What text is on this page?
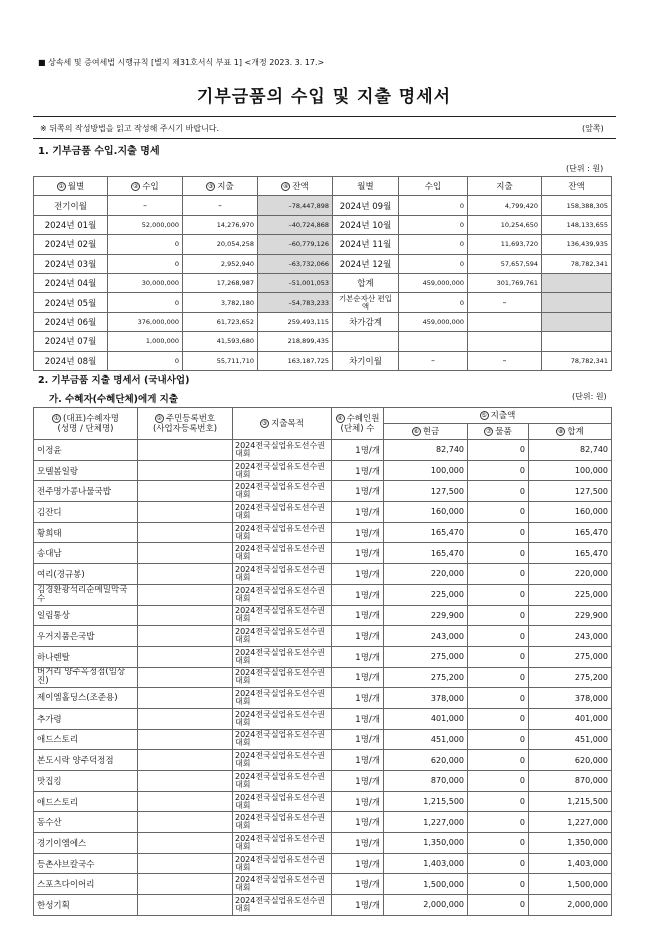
■ 상속세 및 증여세법 시행규칙 [별지 제31호서식 부표 1] <개정 2023. 3. 17.>
기부금품의 수입 및 지출 명세서
※ 뒤쪽의 작성방법을 읽고 작성해 주시기 바랍니다.	(앞쪽)
1. 기부금품 수입.지출 명세
(단위 : 원)
① 월별	② 수입	③ 지출	④ 잔액	월별	수입	지출	잔액
전기이월	–	–	–78,447,898	2024년 09월	0	4,799,420	158,388,305
2024년 01월	52,000,000	14,276,970	–40,724,868	2024년 10월	0	10,254,650	148,133,655
2024년 02월	0	20,054,258	–60,779,126	2024년 11월	0	11,693,720	136,439,935
2024년 03월	0	2,952,940	–63,732,066	2024년 12월	0	57,657,594	78,782,341
2024년 04월	30,000,000	17,268,987	–51,001,053	합계	459,000,000	301,769,761	
2024년 05월	0	3,782,180	–54,783,233	기본순자산 편입액	0	–	
2024년 06월	376,000,000	61,723,652	259,493,115	차가감계	459,000,000		
2024년 07월	1,000,000	41,593,680	218,899,435				
2024년 08월	0	55,711,710	163,187,725	차기이월	–	–	78,782,341
2. 기부금품 지출 명세서 (국내사업)
가. 수혜자(수혜단체)에게 지출	(단위: 원)
① (대표)수혜자명
(성명 / 단체명)	② 주민등록번호
(사업자등록번호)	③ 지출목적	④ 수혜인원
(단체) 수	⑤ 지출액		
				⑥ 현금	⑦ 물품	⑧ 합계
이정윤		2024전국실업유도선수권대회	1명/개	82,740	0	82,740
모텔봄일랑		2024전국실업유도선수권대회	1명/개	100,000	0	100,000
전주명가콩나물국밥		2024전국실업유도선수권대회	1명/개	127,500	0	127,500
김잔디		2024전국실업유도선수권대회	1명/개	160,000	0	160,000
황희태		2024전국실업유도선수권대회	1명/개	165,470	0	165,470
송대남		2024전국실업유도선수권대회	1명/개	165,470	0	165,470
여리(경규봉)		2024전국실업유도선수권대회	1명/개	220,000	0	220,000
김경환광석리순메밀막국수		2024전국실업유도선수권대회	1명/개	225,000	0	225,000
일림통상		2024전국실업유도선수권대회	1명/개	229,900	0	229,900
우거지품은국밥		2024전국실업유도선수권대회	1명/개	243,000	0	243,000
하나렌탈		2024전국실업유도선수권대회	1명/개	275,000	0	275,000
버거리 양주옥정점(임상진)		2024전국실업유도선수권대회	1명/개	275,200	0	275,200
제이엠홀딩스(조준용)		2024전국실업유도선수권대회	1명/개	378,000	0	378,000
추가령		2024전국실업유도선수권대회	1명/개	401,000	0	401,000
애드스토리		2024전국실업유도선수권대회	1명/개	451,000	0	451,000
본도시락 양주덕정점		2024전국실업유도선수권대회	1명/개	620,000	0	620,000
맛집킹		2024전국실업유도선수권대회	1명/개	870,000	0	870,000
애드스토리		2024전국실업유도선수권대회	1명/개	1,215,500	0	1,215,500
동수산		2024전국실업유도선수권대회	1명/개	1,227,000	0	1,227,000
경기이엠에스		2024전국실업유도선수권대회	1명/개	1,350,000	0	1,350,000
등촌샤브칼국수		2024전국실업유도선수권대회	1명/개	1,403,000	0	1,403,000
스포츠다이어리		2024전국실업유도선수권대회	1명/개	1,500,000	0	1,500,000
한성기획		2024전국실업유도선수권대회	1명/개	2,000,000	0	2,000,000
